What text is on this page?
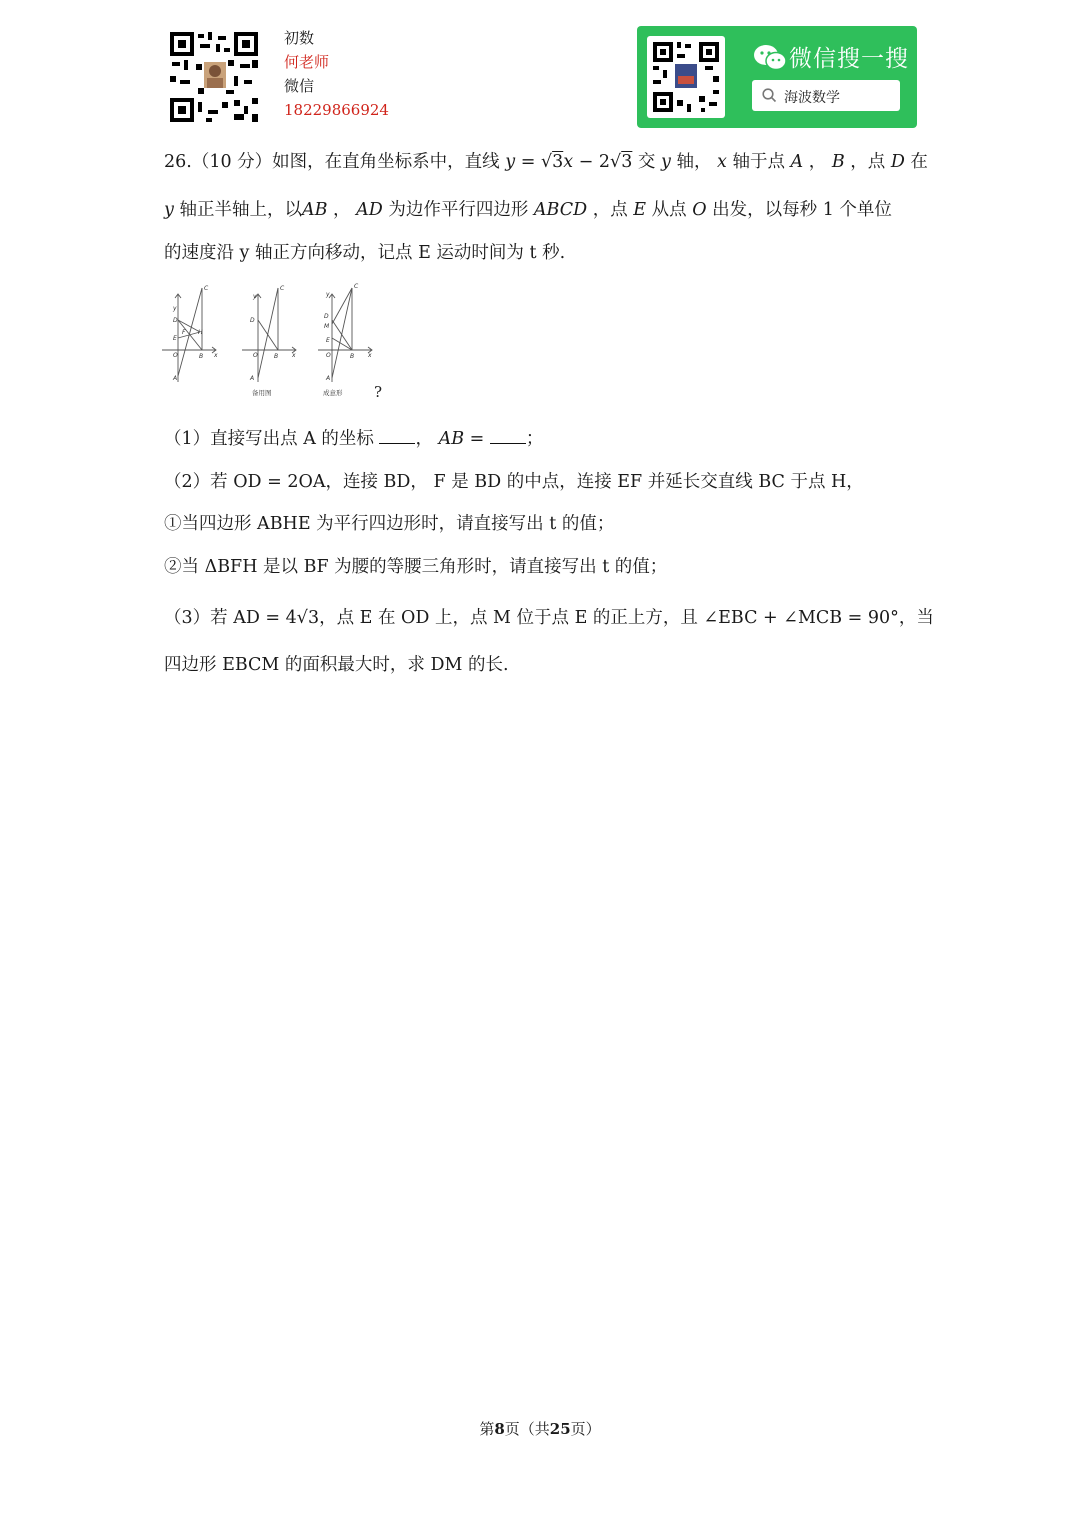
初数
何老师
微信
18229866924
微信搜一搜
海波数学
26.（10 分）如图，在直角坐标系中，直线 y = √3x − 2√3 交 y 轴， x 轴于点 A ， B ，点 D 在
y 轴正半轴上，以AB ， AD 为边作平行四边形 ABCD ，点 E 从点 O 出发，以每秒 1 个单位
的速度沿 y 轴正方向移动，记点 E 运动时间为 t 秒.
C
y
D
F H
E
O	B
A
x
C
y
D
O	B
A
x
C
y
D
M
E
O	B
A
x
备用图	成意形 ?
（1）直接写出点 A 的坐标 ， AB = ；
（2）若 OD = 2OA，连接 BD， F 是 BD 的中点，连接 EF 并延长交直线 BC 于点 H，
①当四边形 ABHE 为平行四边形时，请直接写出 t 的值；
②当 ΔBFH 是以 BF 为腰的等腰三角形时，请直接写出 t 的值；
（3）若 AD = 4√3，点 E 在 OD 上，点 M 位于点 E 的正上方，且 ∠EBC + ∠MCB = 90°，当
四边形 EBCM 的面积最大时，求 DM 的长.
第8页（共25页）
